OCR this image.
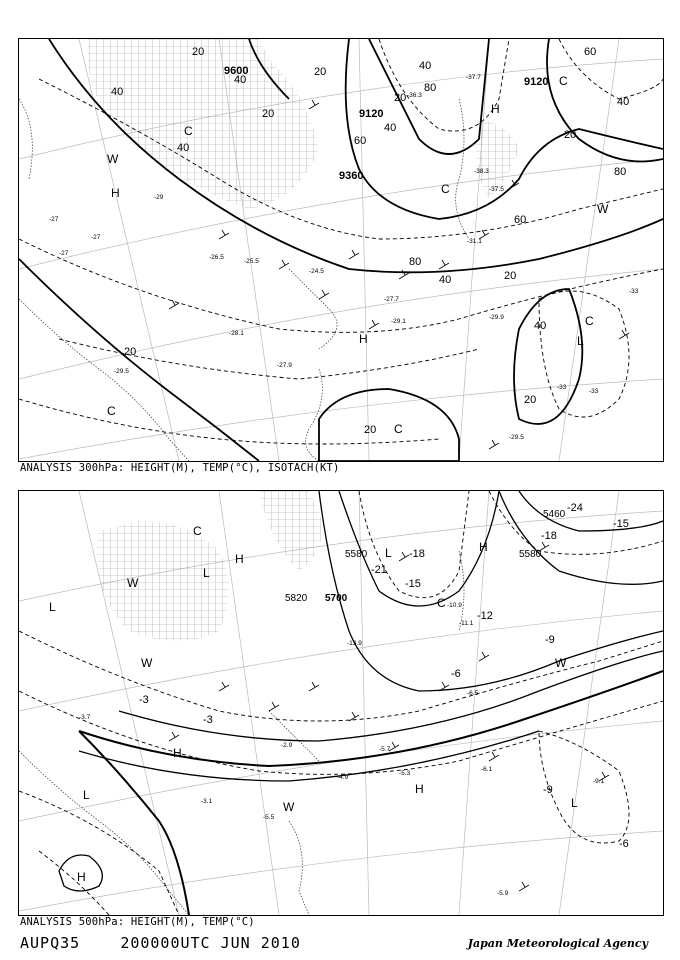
9600
9120
9120
9360
20
40
20
80
40
20
40
60
20
40
80
40
60
80
20
40
20
40
60
20
20
40
20
H
H
H
L
W
W
C
C
C
C
C
C
-27
-29.9
-29.5
-27.7
-25.5
-24.5
-26.5
-31.1
-38.3
-36.3
-37.5
-37.7
-29.1
-28.1
-27.9
-29.5
-33
-33
-33
-27
-27
-29
ANALYSIS 300hPa: HEIGHT(M), TEMP(°C), ISOTACH(KT)
5820 5700
5580	5580
5460
-21
-18
-15
-18
-15
-12
-9
-6
-3
-3
-9
-6
-24
L
L
L
L
H
H
H
H
H
W
W	W
W
C
C
L
-5.3
-6.1
-5.9
-9.1
-3.7
-4.9
-5.7
-10.9
-11.1
-13.9
-6.5
-2.9
-3.1
-5.5
ANALYSIS 500hPa: HEIGHT(M), TEMP(°C)
AUPQ35	200000UTC JUN 2010	Japan Meteorological Agency
